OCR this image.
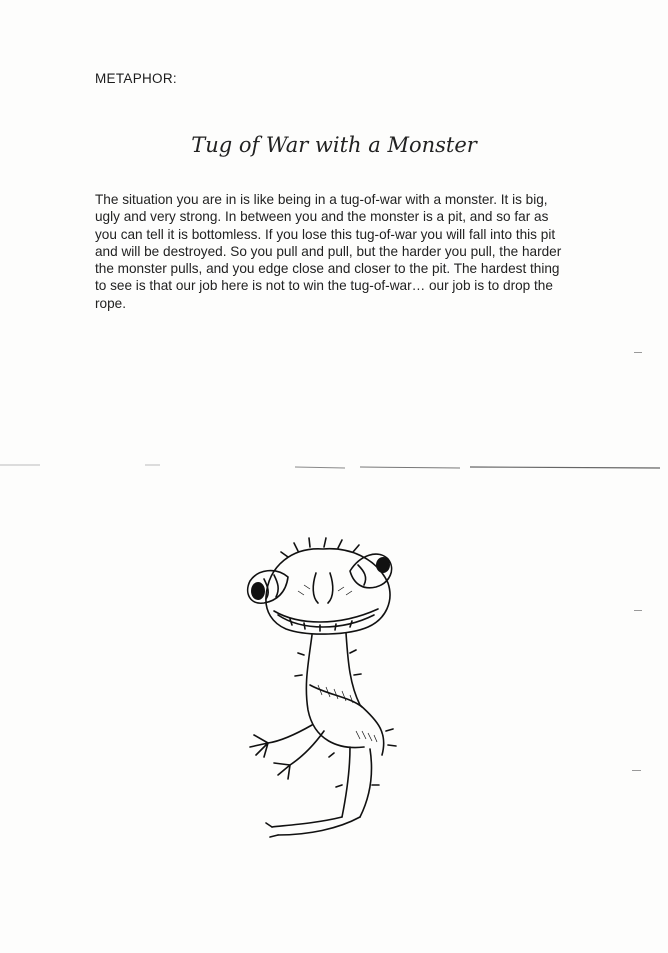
METAPHOR:
Tug of War with a Monster
The situation you are in is like being in a tug-of-war with a monster. It is big, ugly and very strong. In between you and the monster is a pit, and so far as you can tell it is bottomless. If you lose this tug-of-war you will fall into this pit and will be destroyed. So you pull and pull, but the harder you pull, the harder the monster pulls, and you edge close and closer to the pit. The hardest thing to see is that our job here is not to win the tug-of-war… our job is to drop the rope.
